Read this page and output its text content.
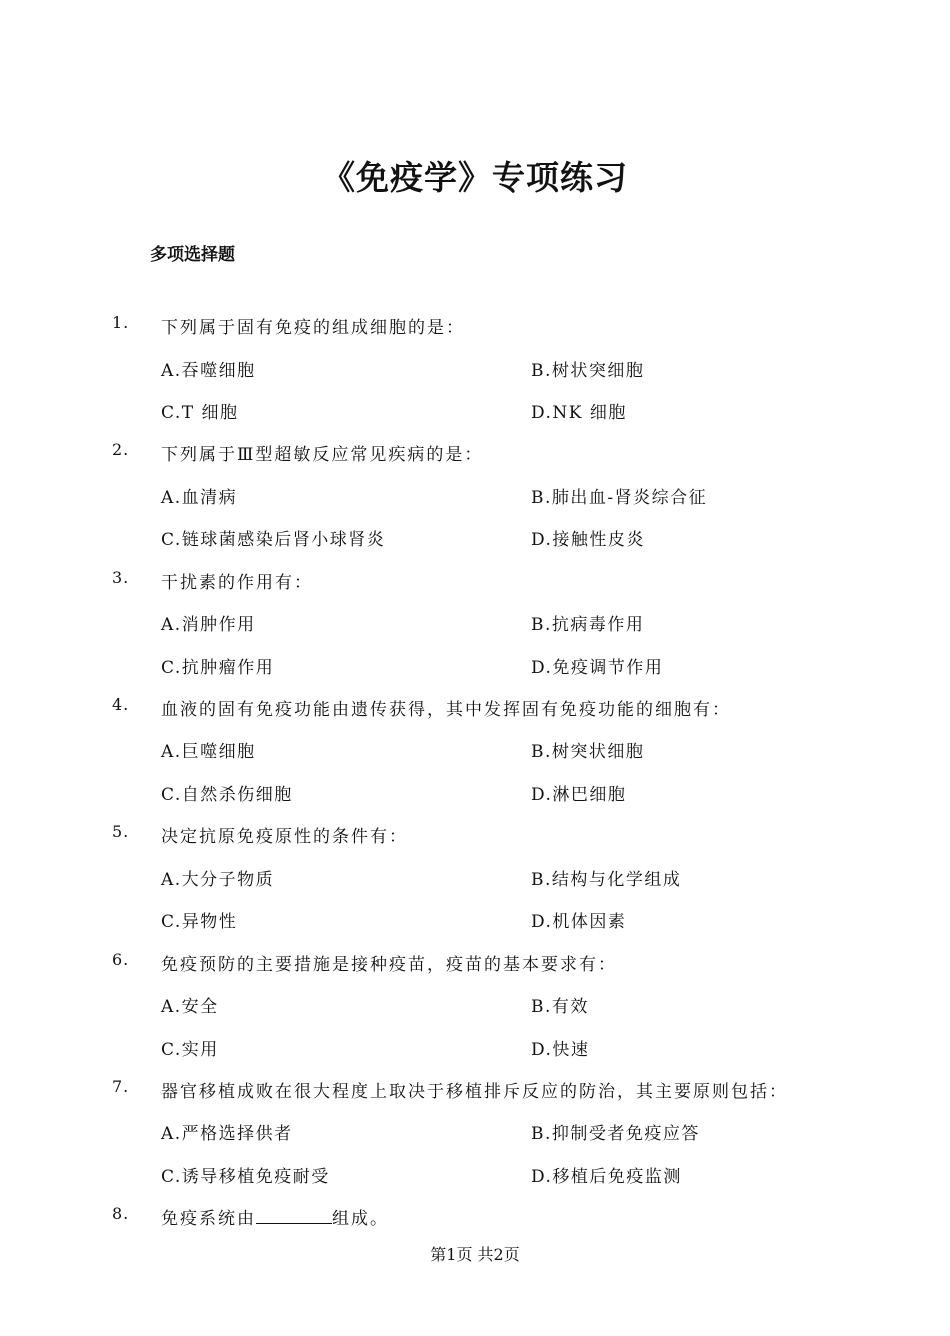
《免疫学》专项练习
多项选择题
1. 下列属于固有免疫的组成细胞的是：
A.吞噬细胞	B.树状突细胞
C.T 细胞	D.NK 细胞
2. 下列属于Ⅲ型超敏反应常见疾病的是：
A.血清病	B.肺出血-肾炎综合征
C.链球菌感染后肾小球肾炎	D.接触性皮炎
3. 干扰素的作用有：
A.消肿作用	B.抗病毒作用
C.抗肿瘤作用	D.免疫调节作用
4. 血液的固有免疫功能由遗传获得，其中发挥固有免疫功能的细胞有：
A.巨噬细胞	B.树突状细胞
C.自然杀伤细胞	D.淋巴细胞
5. 决定抗原免疫原性的条件有：
A.大分子物质	B.结构与化学组成
C.异物性	D.机体因素
6. 免疫预防的主要措施是接种疫苗，疫苗的基本要求有：
A.安全	B.有效
C.实用	D.快速
7. 器官移植成败在很大程度上取决于移植排斥反应的防治，其主要原则包括：
A.严格选择供者	B.抑制受者免疫应答
C.诱导移植免疫耐受	D.移植后免疫监测
8. 免疫系统由	组成。

第1页 共2页
